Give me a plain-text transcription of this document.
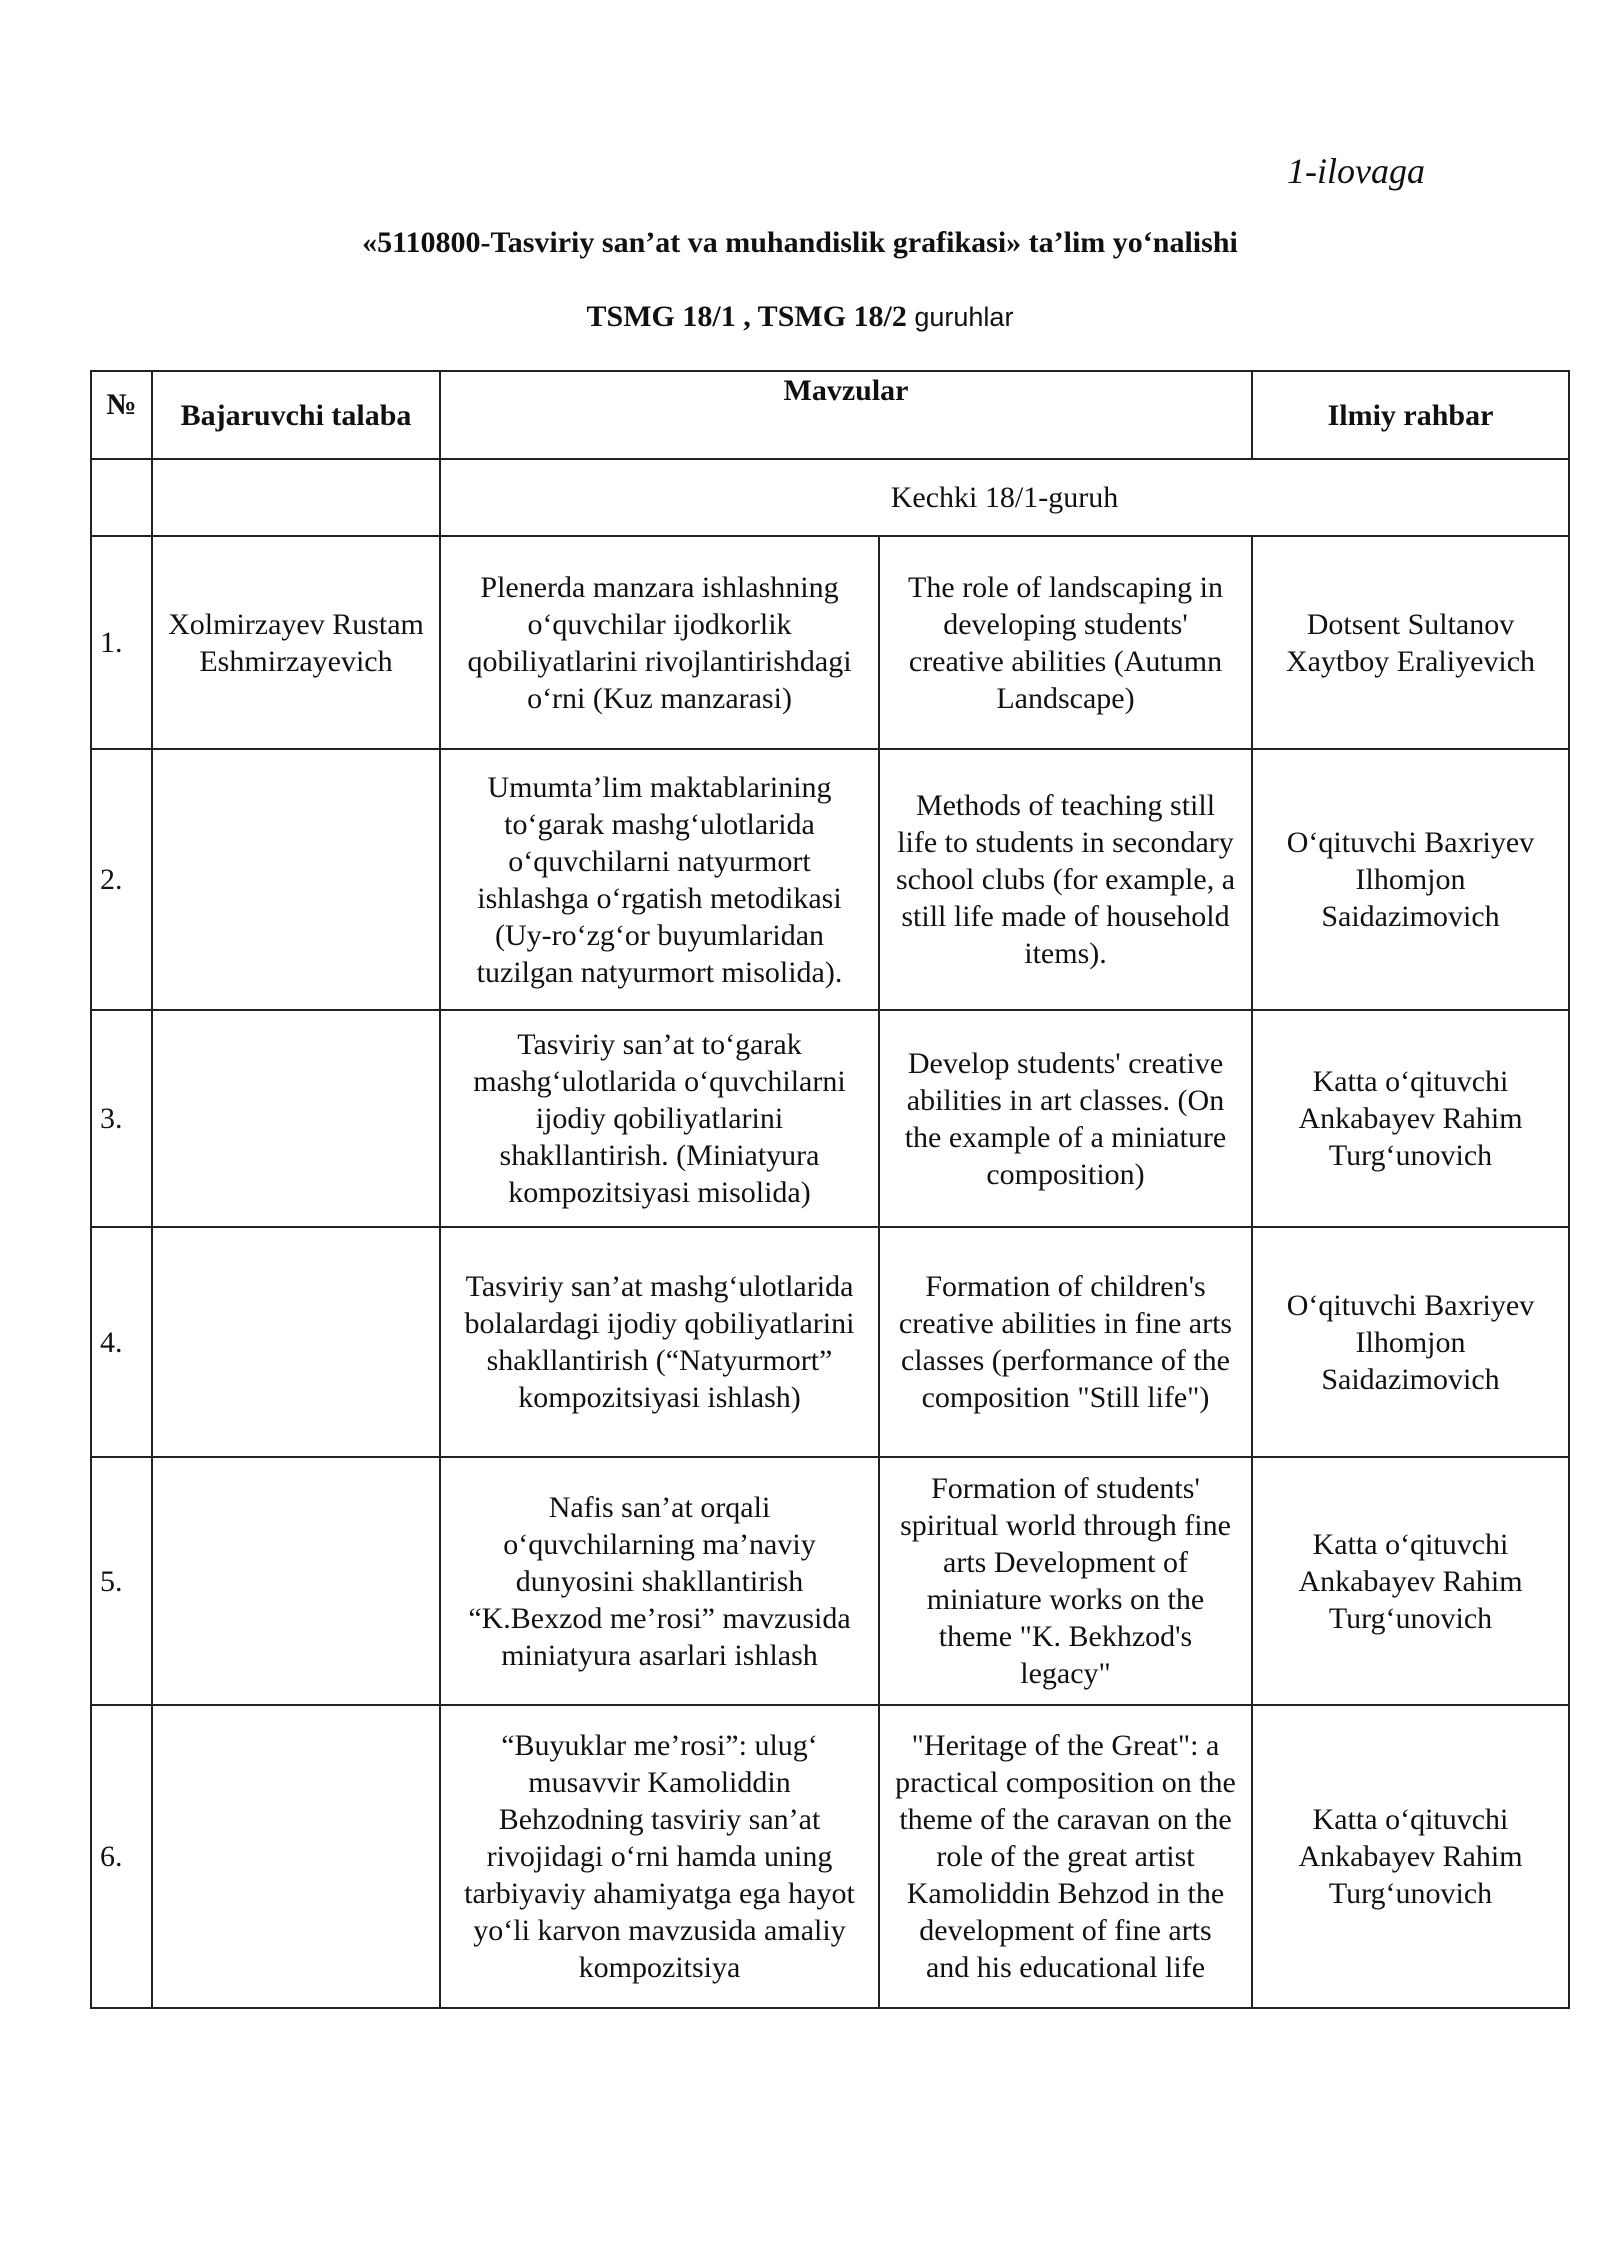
1-ilovaga
«5110800-Tasviriy san’at va muhandislik grafikasi» ta’lim yo‘nalishi
TSMG 18/1 , TSMG 18/2 guruhlar
№	Bajaruvchi talaba	Mavzular		Ilmiy rahbar
		Kechki 18/1-guruh		
1.	Xolmirzayev Rustam Eshmirzayevich	Plenerda manzara ishlashning o‘quvchilar ijodkorlik qobiliyatlarini rivojlantirishdagi o‘rni (Kuz manzarasi)	The role of landscaping in developing students' creative abilities (Autumn Landscape)	Dotsent Sultanov Xaytboy Eraliyevich
2.		Umumta’lim maktablarining to‘garak mashg‘ulotlarida o‘quvchilarni natyurmort ishlashga o‘rgatish metodikasi (Uy-ro‘zg‘or buyumlaridan tuzilgan natyurmort misolida).	Methods of teaching still life to students in secondary school clubs (for example, a still life made of household items).	O‘qituvchi Baxriyev Ilhomjon Saidazimovich
3.		Tasviriy san’at to‘garak mashg‘ulotlarida o‘quvchilarni ijodiy qobiliyatlarini shakllantirish. (Miniatyura kompozitsiyasi misolida)	Develop students' creative abilities in art classes. (On the example of a miniature composition)	Katta o‘qituvchi Ankabayev Rahim Turg‘unovich
4.		Tasviriy san’at mashg‘ulotlarida bolalardagi ijodiy qobiliyatlarini shakllantirish (“Natyurmort” kompozitsiyasi ishlash)	Formation of children's creative abilities in fine arts classes (performance of the composition "Still life")	O‘qituvchi Baxriyev Ilhomjon Saidazimovich
5.		Nafis san’at orqali o‘quvchilarning ma’naviy dunyosini shakllantirish “K.Bexzod me’rosi” mavzusida miniatyura asarlari ishlash	Formation of students' spiritual world through fine arts Development of miniature works on the theme "K. Bekhzod's legacy"	Katta o‘qituvchi Ankabayev Rahim Turg‘unovich
6.		“Buyuklar me’rosi”: ulug‘ musavvir Kamoliddin Behzodning tasviriy san’at rivojidagi o‘rni hamda uning tarbiyaviy ahamiyatga ega hayot yo‘li karvon mavzusida amaliy kompozitsiya	"Heritage of the Great": a practical composition on the theme of the caravan on the role of the great artist Kamoliddin Behzod in the development of fine arts and his educational life	Katta o‘qituvchi Ankabayev Rahim Turg‘unovich
